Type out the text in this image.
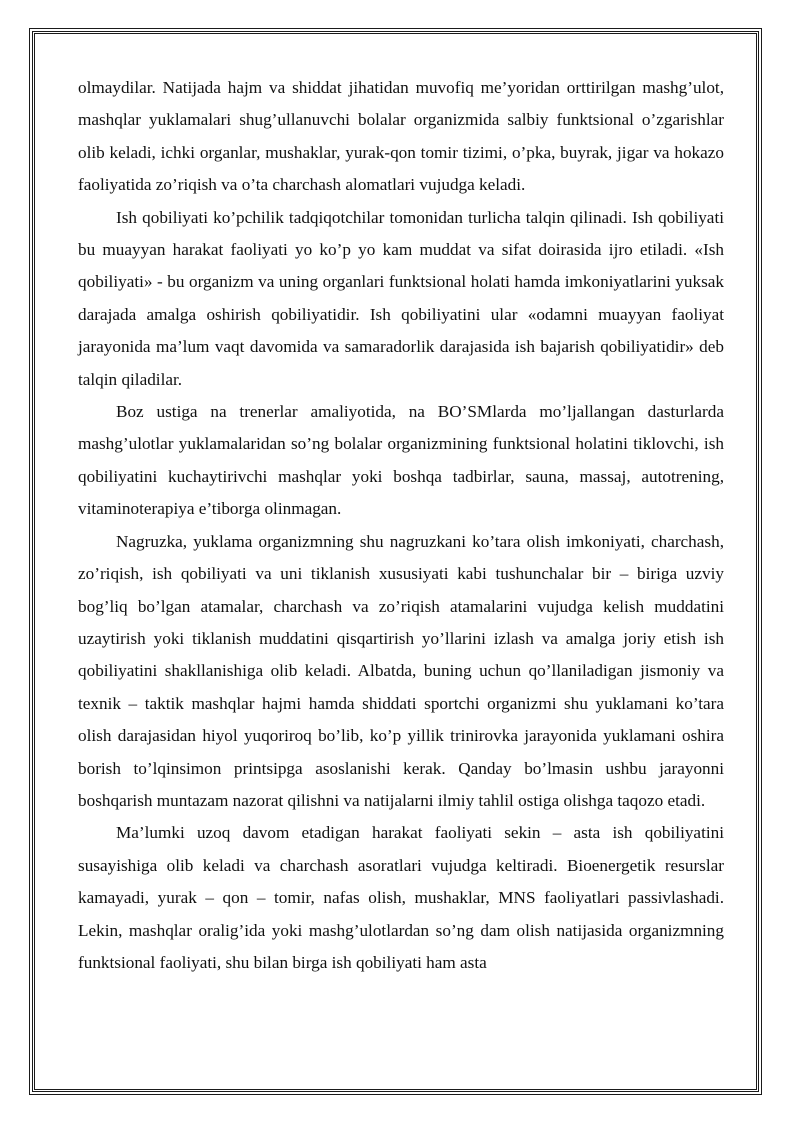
olmaydilar. Natijada hajm va shiddat jihatidan muvofiq me’yoridan orttirilgan mashg’ulot, mashqlar yuklamalari shug’ullanuvchi bolalar organizmida salbiy funktsional o’zgarishlar olib keladi, ichki organlar, mushaklar, yurak-qon tomir tizimi, o’pka, buyrak, jigar va hokazo faoliyatida zo’riqish va o’ta charchash alomatlari vujudga keladi.

Ish qobiliyati ko’pchilik tadqiqotchilar tomonidan turlicha talqin qilinadi. Ish qobiliyati bu muayyan harakat faoliyati yo ko’p yo kam muddat va sifat doirasida ijro etiladi. «Ish qobiliyati» - bu organizm va uning organlari funktsional holati hamda imkoniyatlarini yuksak darajada amalga oshirish qobiliyatidir. Ish qobiliyatini ular «odamni muayyan faoliyat jarayonida ma’lum vaqt davomida va samaradorlik darajasida ish bajarish qobiliyatidir» deb talqin qiladilar.

Boz ustiga na trenerlar amaliyotida, na BO’SMlarda mo’ljallangan dasturlarda mashg’ulotlar yuklamalaridan so’ng bolalar organizmining funktsional holatini tiklovchi, ish qobiliyatini kuchaytirivchi mashqlar yoki boshqa tadbirlar, sauna, massaj, autotrening, vitaminoterapiya e’tiborga olinmagan.

Nagruzka, yuklama organizmning shu nagruzkani ko’tara olish imkoniyati, charchash, zo’riqish, ish qobiliyati va uni tiklanish xususiyati kabi tushunchalar bir – biriga uzviy bog’liq bo’lgan atamalar, charchash va zo’riqish atamalarini vujudga kelish muddatini uzaytirish yoki tiklanish muddatini qisqartirish yo’llarini izlash va amalga joriy etish ish qobiliyatini shakllanishiga olib keladi. Albatda, buning uchun qo’llaniladigan jismoniy va texnik – taktik mashqlar hajmi hamda shiddati sportchi organizmi shu yuklamani ko’tara olish darajasidan hiyol yuqoriroq bo’lib, ko’p yillik trinirovka jarayonida yuklamani oshira borish to’lqinsimon printsipga asoslanishi kerak. Qanday bo’lmasin ushbu jarayonni boshqarish muntazam nazorat qilishni va natijalarni ilmiy tahlil ostiga olishga taqozo etadi.

Ma’lumki uzoq davom etadigan harakat faoliyati sekin – asta ish qobiliyatini susayishiga olib keladi va charchash asoratlari vujudga keltiradi. Bioenergetik resurslar kamayadi, yurak – qon – tomir, nafas olish, mushaklar, MNS faoliyatlari passivlashadi. Lekin, mashqlar oralig’ida yoki mashg’ulotlardan so’ng dam olish natijasida organizmning funktsional faoliyati, shu bilan birga ish qobiliyati ham asta
